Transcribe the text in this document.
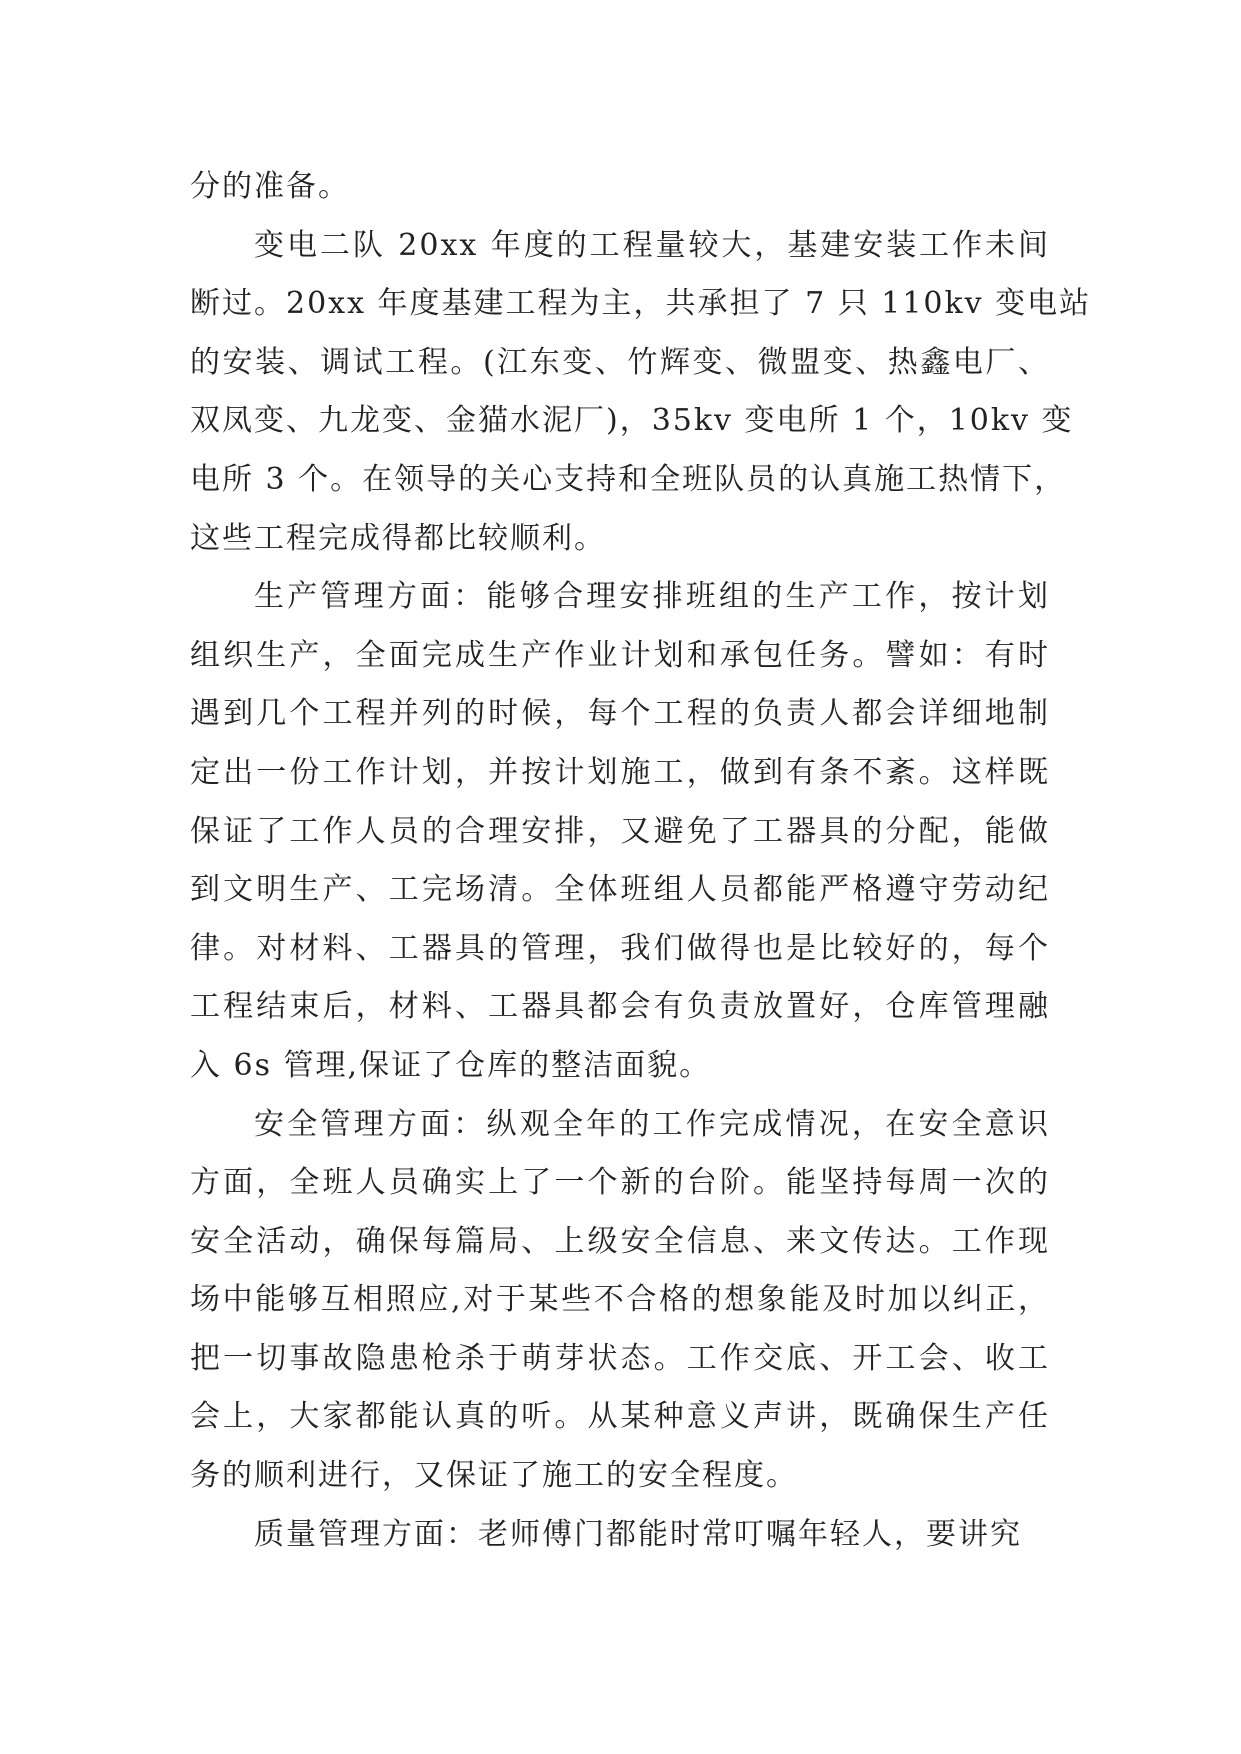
分的准备。
变电二队 20xx 年度的工程量较大，基建安装工作未间
断过。20xx 年度基建工程为主，共承担了 7 只 110kv 变电站
的安装、调试工程。(江东变、竹辉变、微盟变、热鑫电厂、
双凤变、九龙变、金猫水泥厂)，35kv 变电所 1 个，10kv 变
电所 3 个。在领导的关心支持和全班队员的认真施工热情下，
这些工程完成得都比较顺利。
生产管理方面：能够合理安排班组的生产工作，按计划
组织生产，全面完成生产作业计划和承包任务。譬如：有时
遇到几个工程并列的时候，每个工程的负责人都会详细地制
定出一份工作计划，并按计划施工，做到有条不紊。这样既
保证了工作人员的合理安排，又避免了工器具的分配，能做
到文明生产、工完场清。全体班组人员都能严格遵守劳动纪
律。对材料、工器具的管理，我们做得也是比较好的，每个
工程结束后，材料、工器具都会有负责放置好，仓库管理融
入 6s 管理,保证了仓库的整洁面貌。
安全管理方面：纵观全年的工作完成情况，在安全意识
方面，全班人员确实上了一个新的台阶。能坚持每周一次的
安全活动，确保每篇局、上级安全信息、来文传达。工作现
场中能够互相照应,对于某些不合格的想象能及时加以纠正，
把一切事故隐患枪杀于萌芽状态。工作交底、开工会、收工
会上，大家都能认真的听。从某种意义声讲，既确保生产任
务的顺利进行，又保证了施工的安全程度。
质量管理方面：老师傅门都能时常叮嘱年轻人，要讲究
